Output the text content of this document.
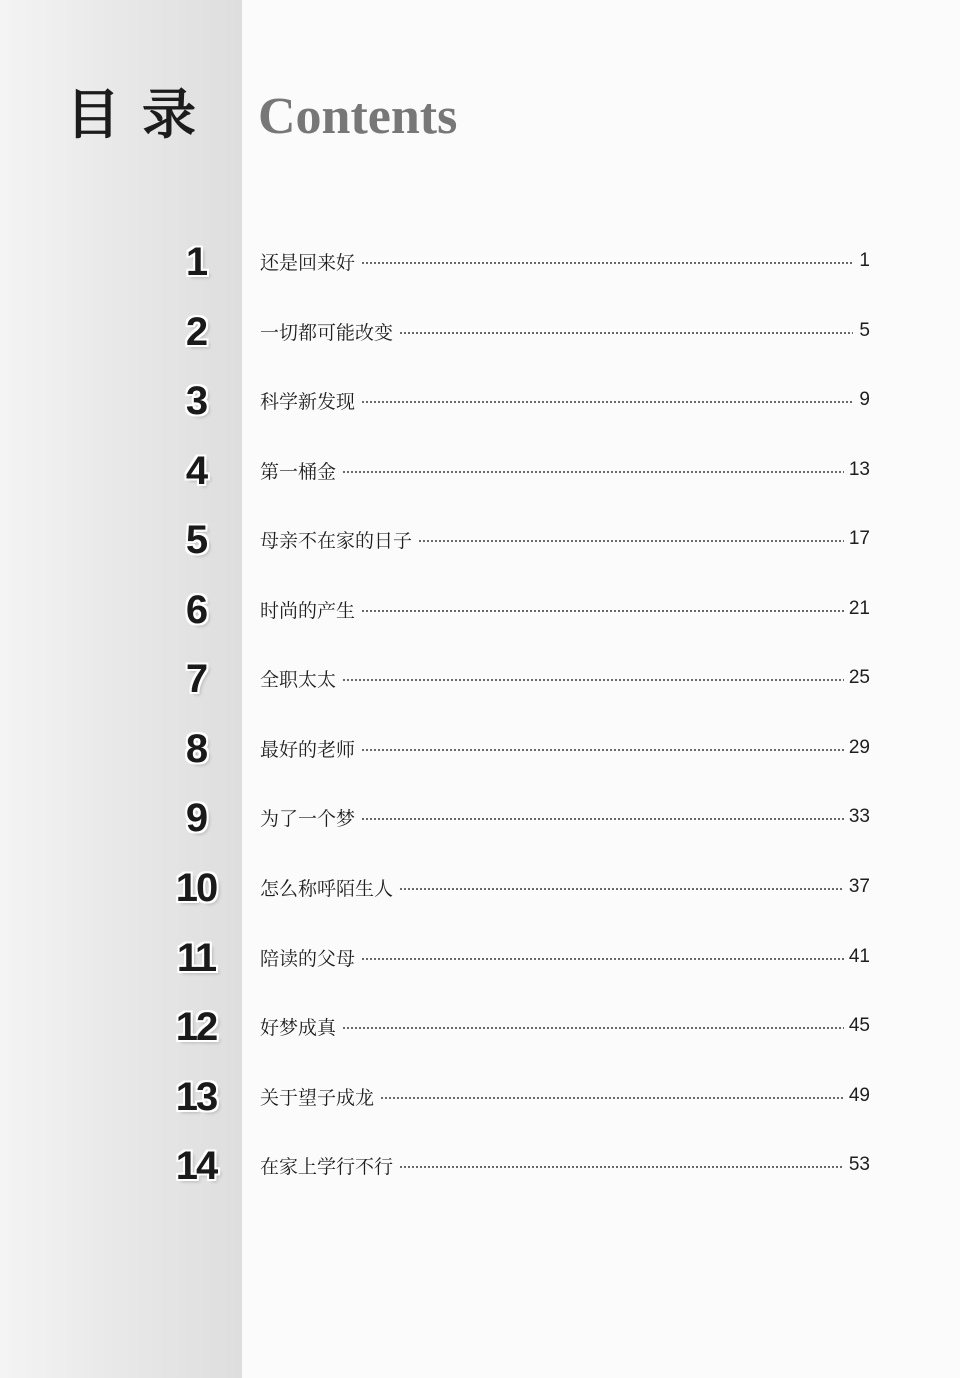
目录 Contents
1	还是回来好	1
2	一切都可能改变	5
3	科学新发现	9
4	第一桶金	13
5	母亲不在家的日子	17
6	时尚的产生	21
7	全职太太	25
8	最好的老师	29
9	为了一个梦	33
10 怎么称呼陌生人	37
11 陪读的父母	41
12 好梦成真	45
13 关于望子成龙	49
14 在家上学行不行	53
